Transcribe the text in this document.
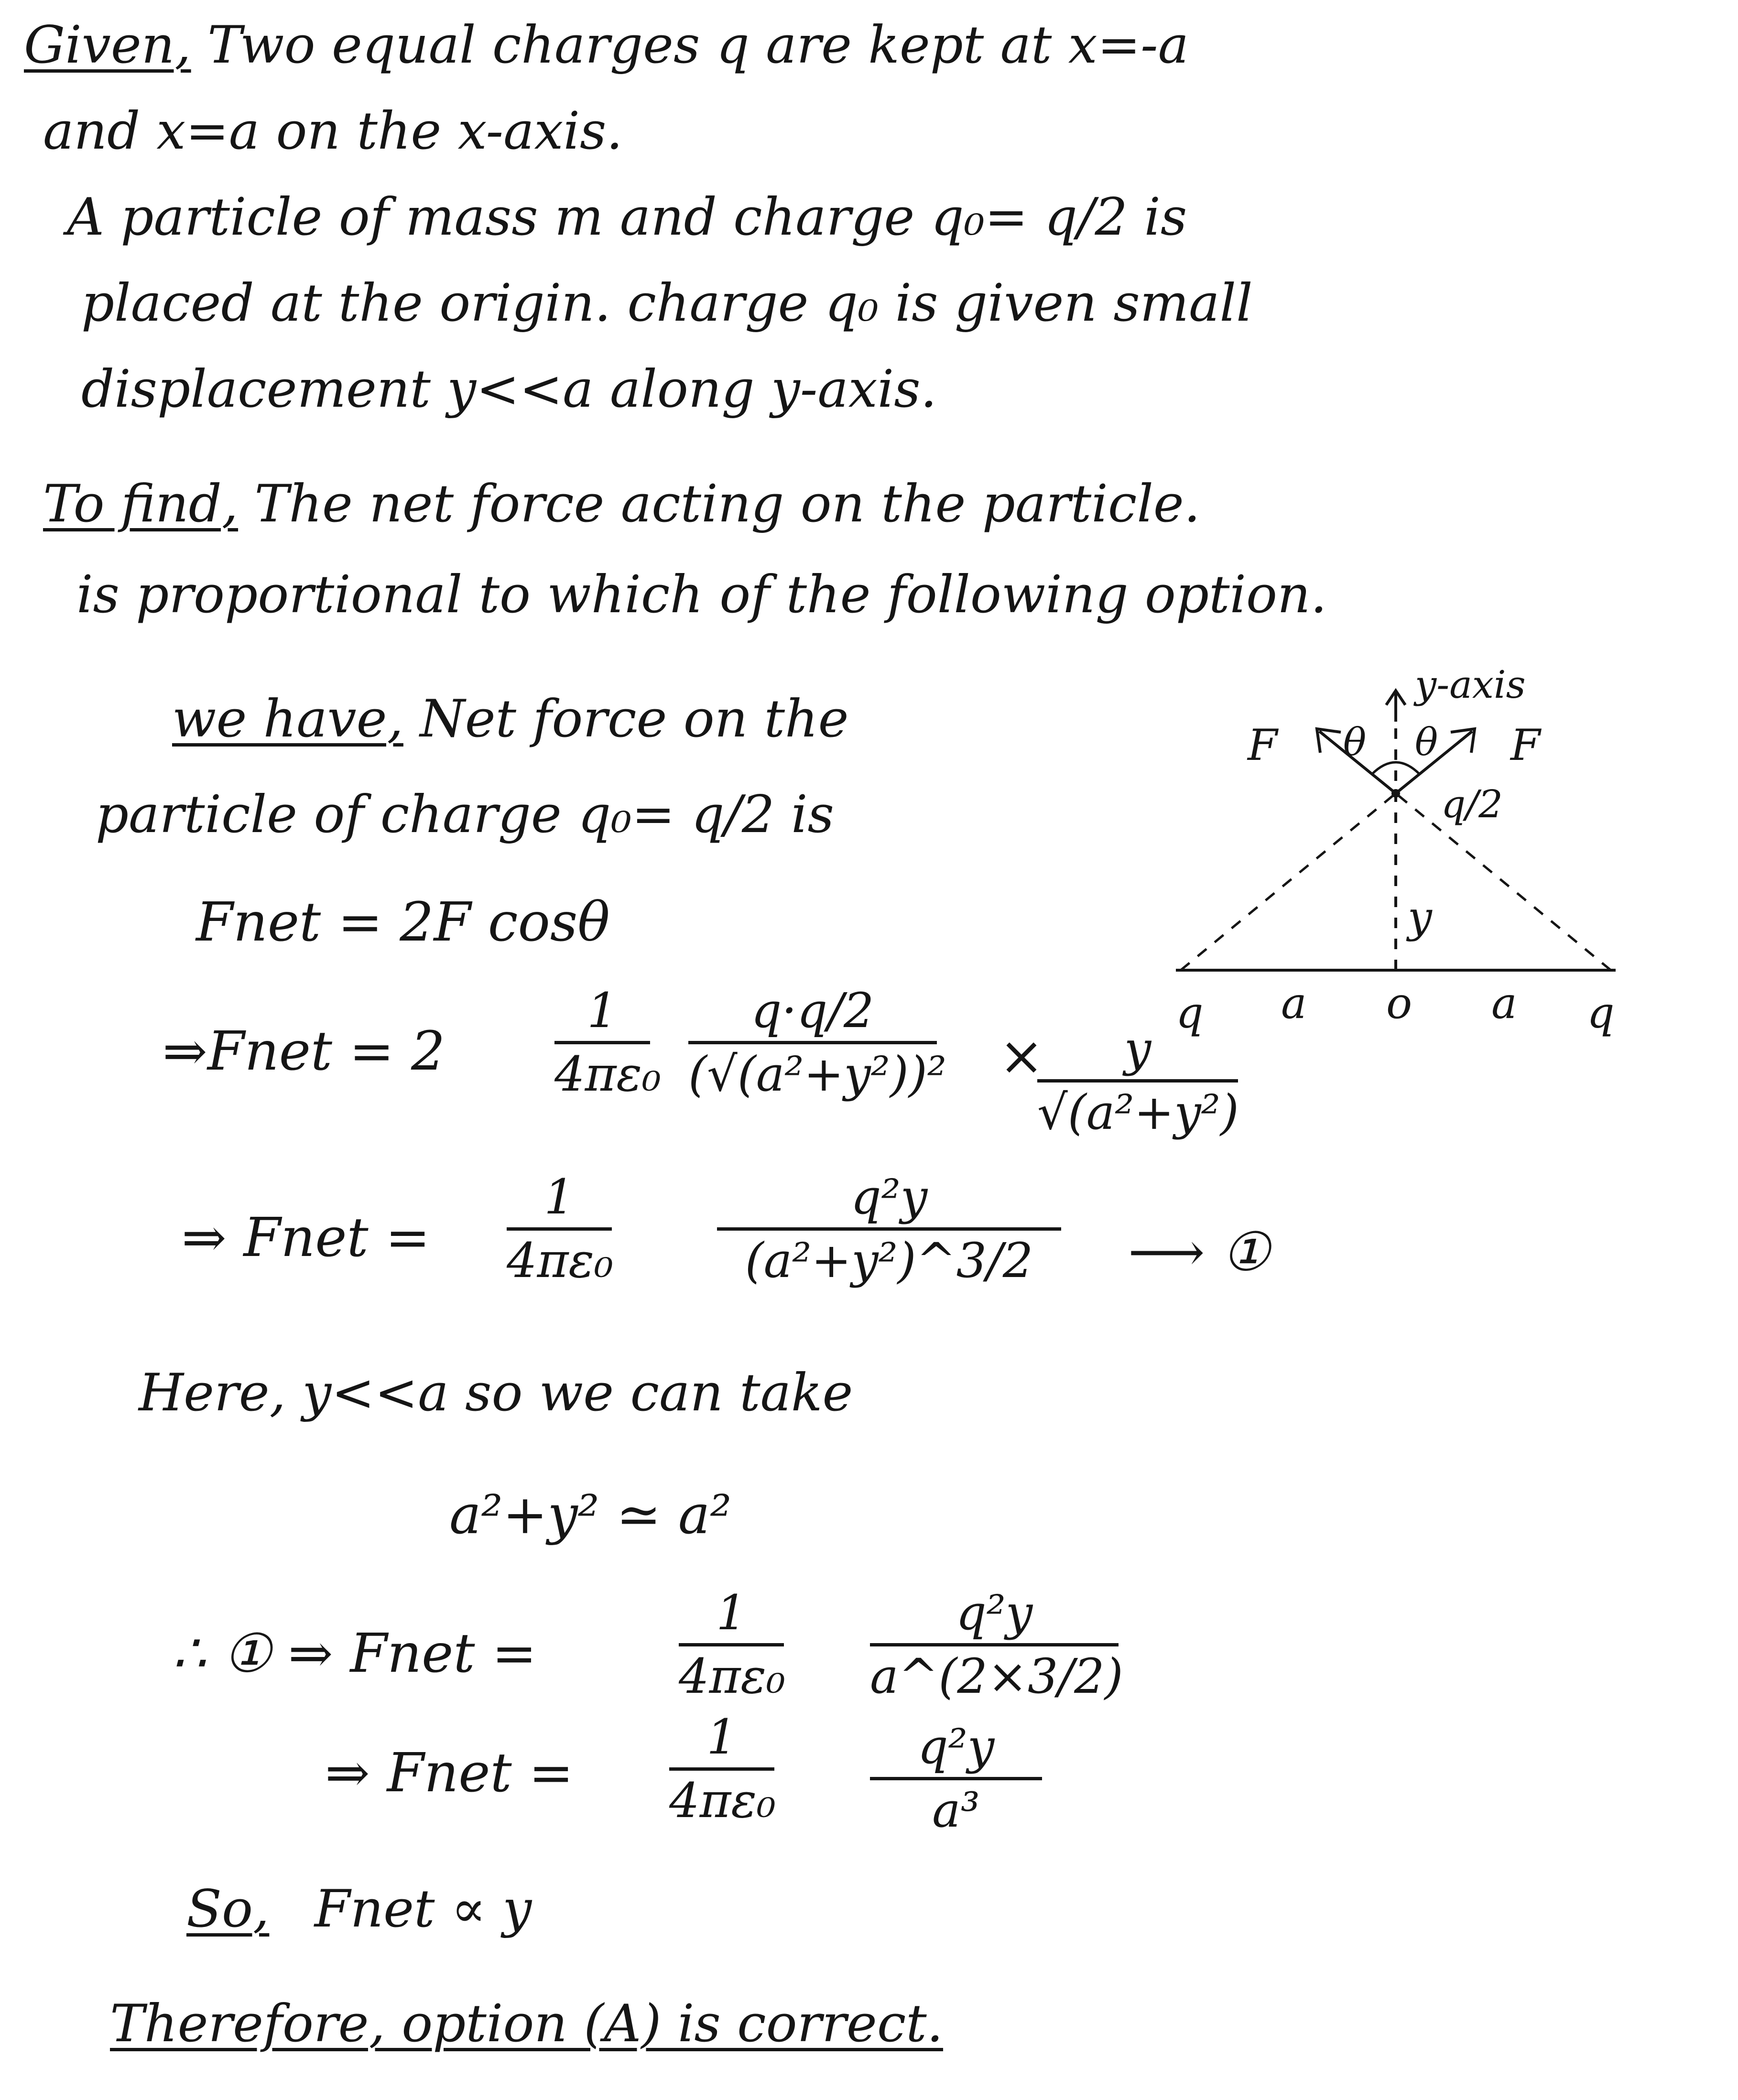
Given, Two equal charges q are kept at x=-a
and x=a on the x-axis.
A particle of mass m and charge q₀= q/2 is
placed at the origin. charge q₀ is given small
displacement y<<a along y-axis.
To find, The net force acting on the particle.
is proportional to which of the following option.
we have, Net force on the
particle of charge q₀= q/2 is
y-axis
F	F
θ θ
q/2
y
q	q
a	a
o
Fnet = 2F cosθ
⇒Fnet = 2
1
4πε₀
q·q/2
(√(a²+y²))² ×	y
√(a²+y²)
⇒ Fnet =
1
4πε₀
q²y
(a²+y²)^3/2	⟶ ①
Here, y<<a so we can take
a²+y² ≃ a²
∴ ① ⇒ Fnet =
1
4πε₀
q²y
a^(2×3/2)
⇒ Fnet =
1
4πε₀
q²y
a³
So, Fnet ∝ y
Therefore, option (A) is correct.
